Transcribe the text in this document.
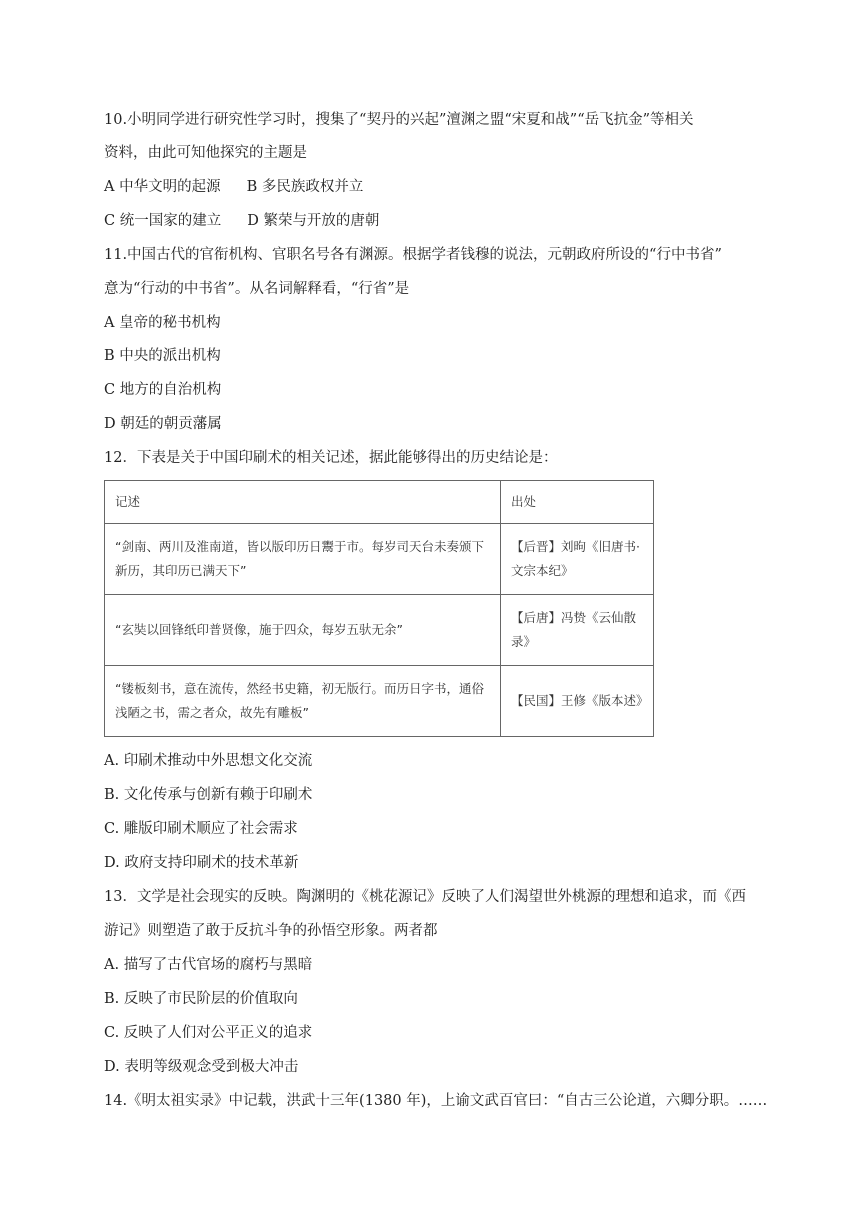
10.小明同学进行研究性学习时，搜集了“契丹的兴起”澶渊之盟“宋夏和战”“岳飞抗金”等相关
资料，由此可知他探究的主题是
A 中华文明的起源 B 多民族政权并立
C 统一国家的建立 D 繁荣与开放的唐朝
11.中国古代的官衔机构、官职名号各有渊源。根据学者钱穆的说法，元朝政府所设的“行中书省”
意为“行动的中书省”。从名词解释看，“行省”是
A 皇帝的秘书机构
B 中央的派出机构
C 地方的自治机构
D 朝廷的朝贡藩属
12．下表是关于中国印刷术的相关记述，据此能够得出的历史结论是：
记述	出处
“剑南、两川及淮南道，皆以版印历日鬻于市。每岁司天台未奏颁下新历，其印历已满天下”	【后晋】刘昫《旧唐书·文宗本纪》
“玄奘以回锋纸印普贤像，施于四众，每岁五驮无余”	【后唐】冯贽《云仙散录》
“镂板刻书，意在流传，然经书史籍，初无版行。而历日字书，通俗浅陋之书，需之者众，故先有雕板”	【民国】王修《版本述》
A. 印刷术推动中外思想文化交流
B. 文化传承与创新有赖于印刷术
C. 雕版印刷术顺应了社会需求
D. 政府支持印刷术的技术革新
13．文学是社会现实的反映。陶渊明的《桃花源记》反映了人们渴望世外桃源的理想和追求，而《西
游记》则塑造了敢于反抗斗争的孙悟空形象。两者都
A. 描写了古代官场的腐朽与黑暗
B. 反映了市民阶层的价值取向
C. 反映了人们对公平正义的追求
D. 表明等级观念受到极大冲击
14.《明太祖实录》中记载，洪武十三年(1380 年)，上谕文武百官曰：“自古三公论道，六卿分职。……
